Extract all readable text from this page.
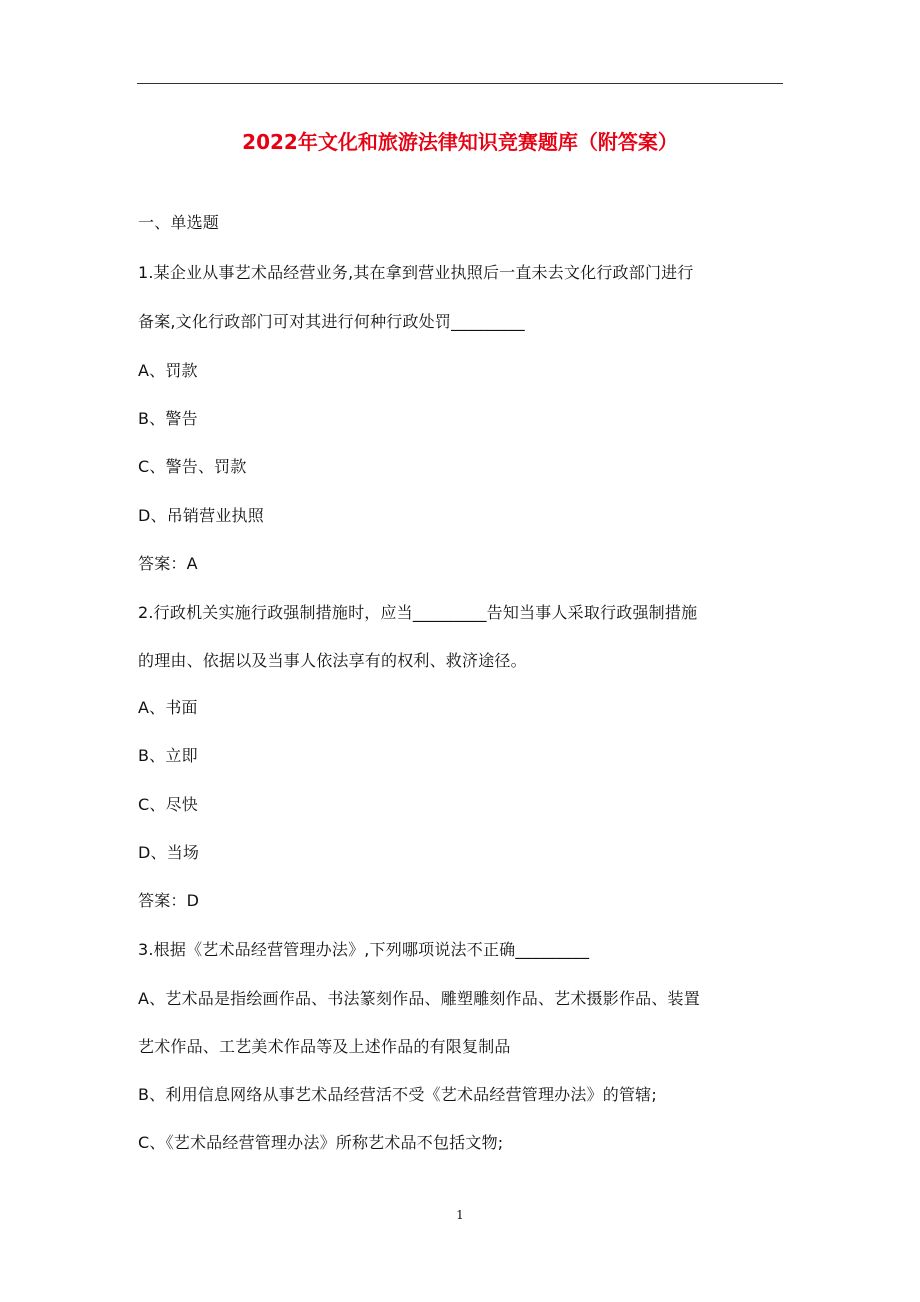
2022年文化和旅游法律知识竞赛题库（附答案）
一、单选题
1.某企业从事艺术品经营业务,其在拿到营业执照后一直未去文化行政部门进行
备案,文化行政部门可对其进行何种行政处罚_________
A、罚款
B、警告
C、警告、罚款
D、吊销营业执照
答案：A
2.行政机关实施行政强制措施时，应当_________告知当事人采取行政强制措施
的理由、依据以及当事人依法享有的权利、救济途径。
A、书面
B、立即
C、尽快
D、当场
答案：D
3.根据《艺术品经营管理办法》,下列哪项说法不正确_________
A、艺术品是指绘画作品、书法篆刻作品、雕塑雕刻作品、艺术摄影作品、装置
艺术作品、工艺美术作品等及上述作品的有限复制品
B、利用信息网络从事艺术品经营活不受《艺术品经营管理办法》的管辖;
C、《艺术品经营管理办法》所称艺术品不包括文物;
1
